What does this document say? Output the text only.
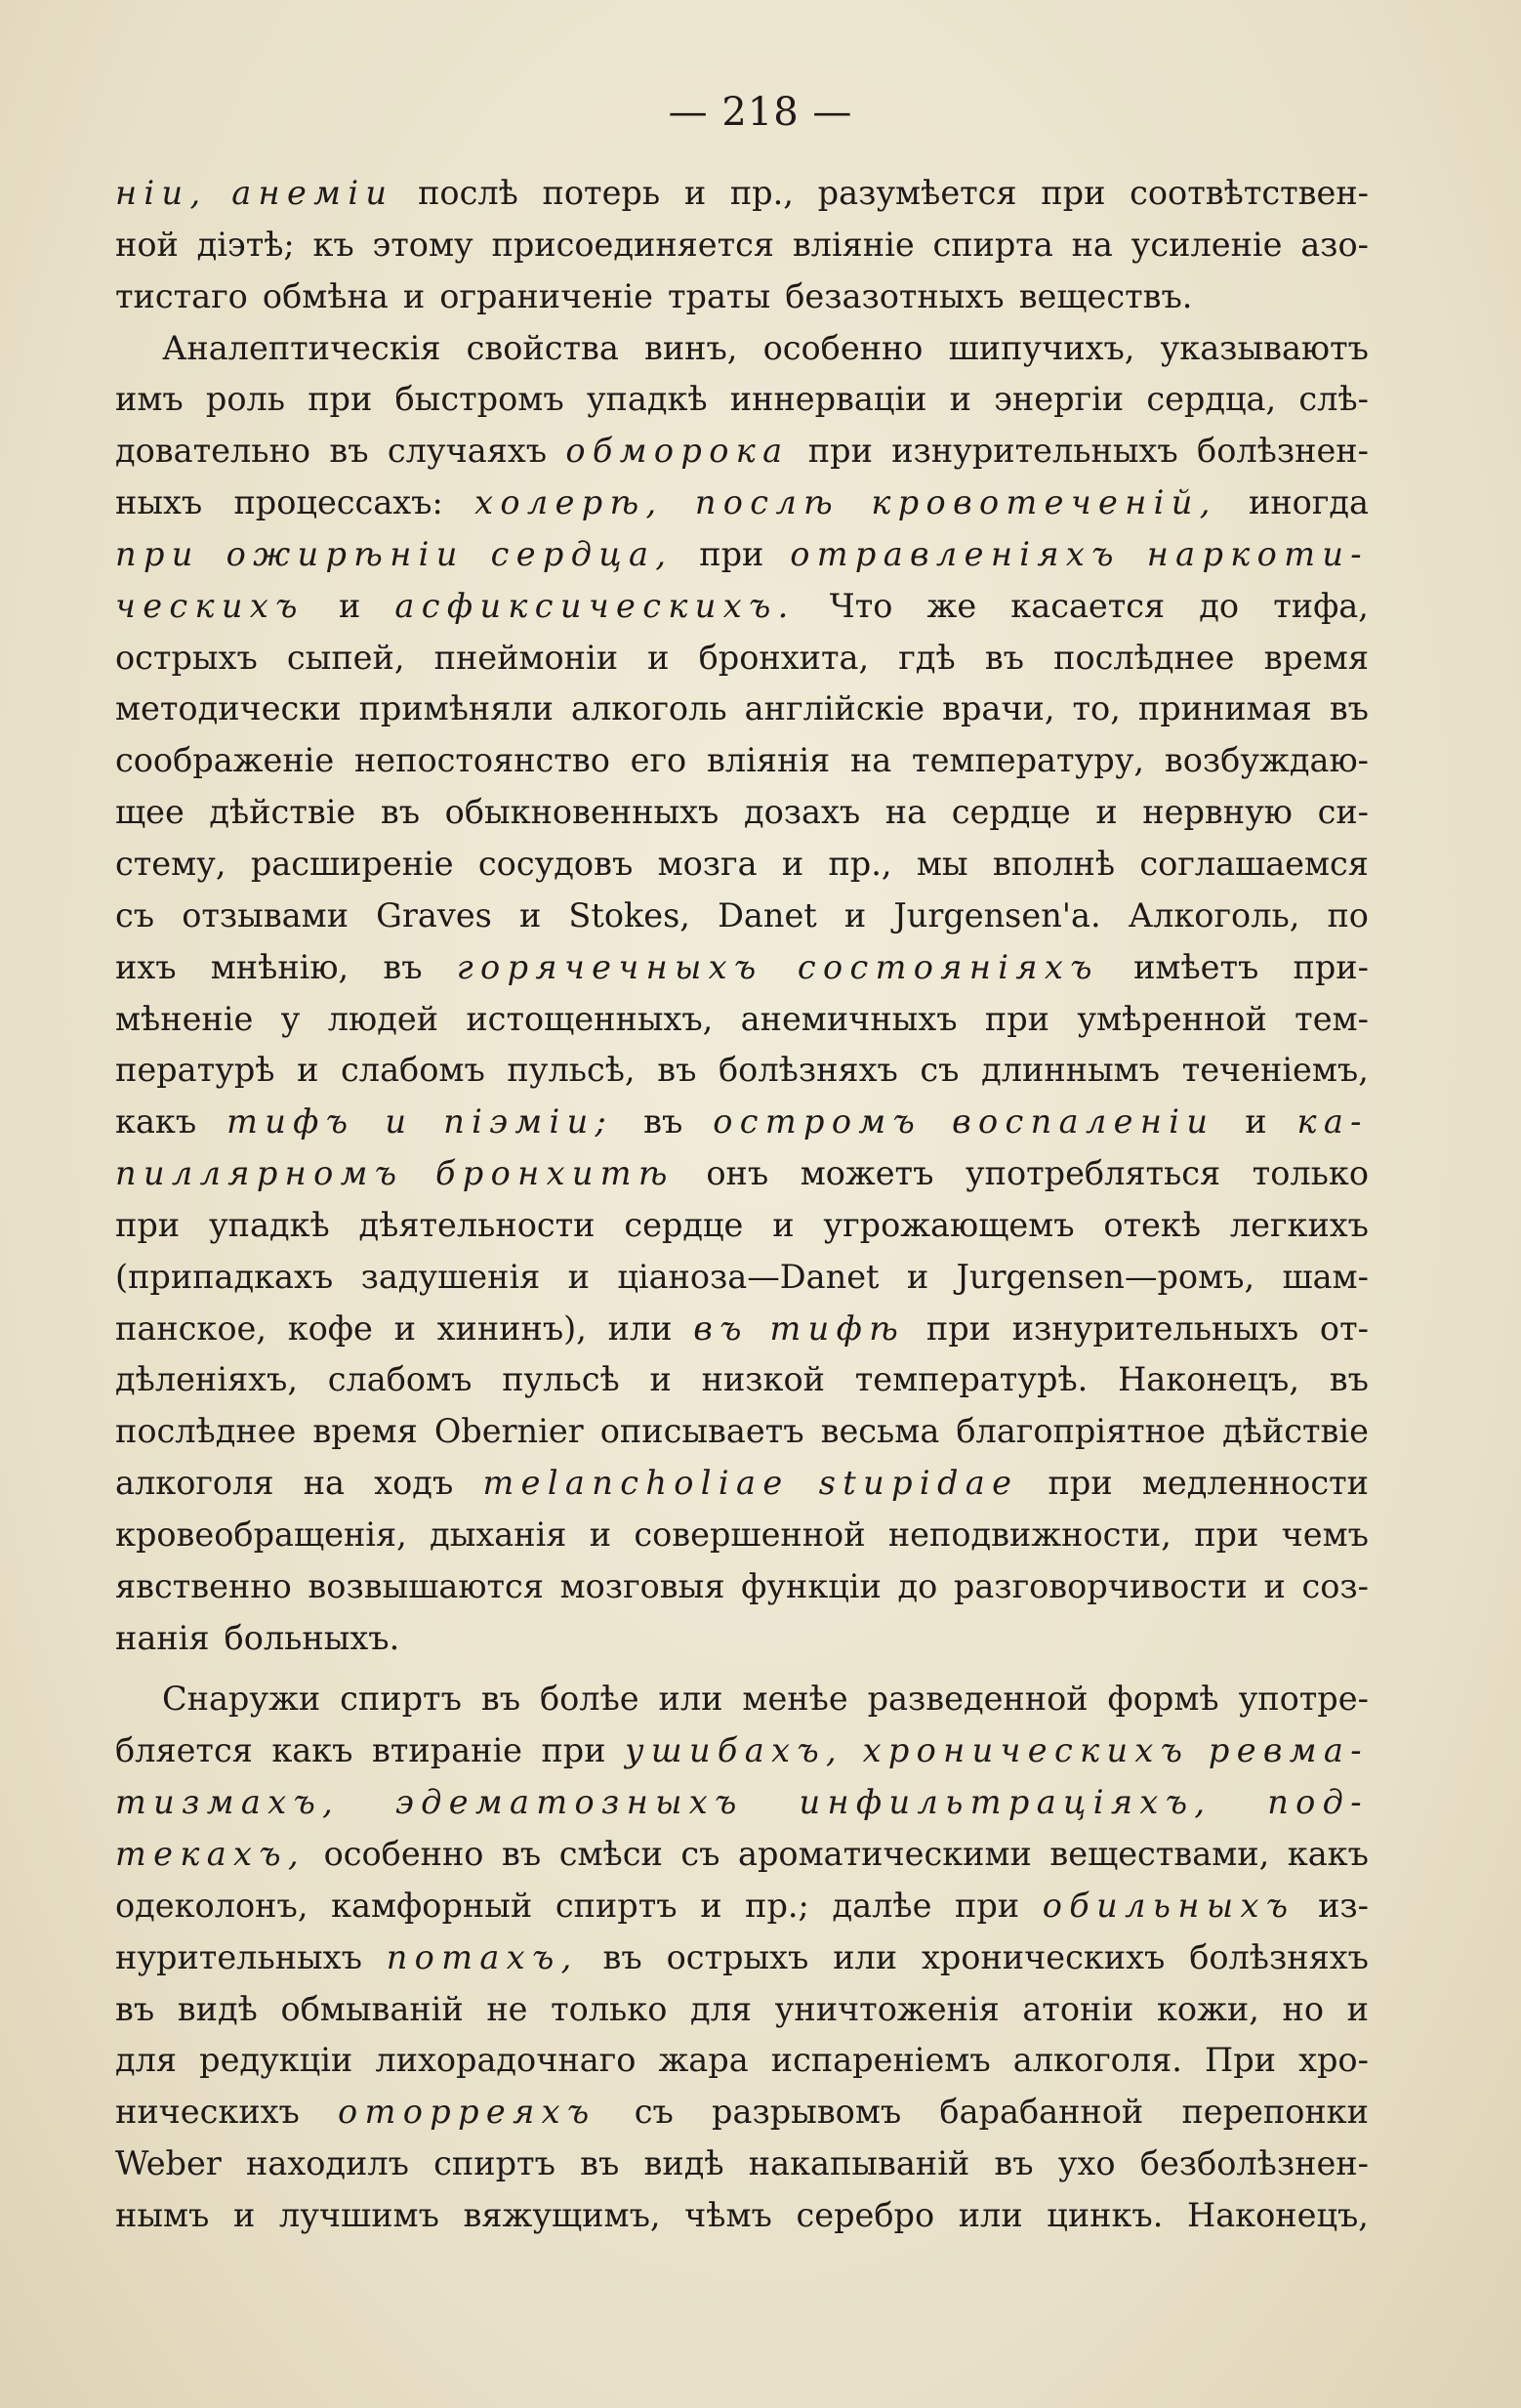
— 218 —
ніи, анеміи послѣ потерь и пр., разумѣется при соотвѣтствен-
ной діэтѣ; къ этому присоединяется вліяніе спирта на усиленіе азо-
тистаго обмѣна и ограниченіе траты безазотныхъ веществъ.
Аналептическія свойства винъ, особенно шипучихъ, указываютъ
имъ роль при быстромъ упадкѣ иннерваціи и энергіи сердца, слѣ-
довательно въ случаяхъ обморока при изнурительныхъ болѣзнен-
ныхъ процессахъ: холерѣ, послѣ кровотеченій, иногда
при ожирѣніи сердца, при отравленіяхъ наркоти-
ческихъ и асфиксическихъ. Что же касается до тифа,
острыхъ сыпей, пнеймоніи и бронхита, гдѣ въ послѣднее время
методически примѣняли алкоголь англійскіе врачи, то, принимая въ
соображеніе непостоянство его вліянія на температуру, возбуждаю-
щее дѣйствіе въ обыкновенныхъ дозахъ на сердце и нервную си-
стему, расширеніе сосудовъ мозга и пр., мы вполнѣ соглашаемся
съ отзывами Graves и Stokes, Danet и Jurgensen'a. Алкоголь, по
ихъ мнѣнію, въ горячечныхъ состояніяхъ имѣетъ при-
мѣненіе у людей истощенныхъ, анемичныхъ при умѣренной тем-
пературѣ и слабомъ пульсѣ, въ болѣзняхъ съ длиннымъ теченіемъ,
какъ тифъ и піэміи; въ остромъ воспаленіи и ка-
пиллярномъ бронхитѣ онъ можетъ употребляться только
при упадкѣ дѣятельности сердце и угрожающемъ отекѣ легкихъ
(припадкахъ задушенія и ціаноза—Danet и Jurgensen—ромъ, шам-
панское, кофе и хининъ), или въ тифѣ при изнурительныхъ от-
дѣленіяхъ, слабомъ пульсѣ и низкой температурѣ. Наконецъ, въ
послѣднее время Obernier описываетъ весьма благопріятное дѣйствіе
алкоголя на ходъ melancholiae stupidae при медленности
кровеобращенія, дыханія и совершенной неподвижности, при чемъ
явственно возвышаются мозговыя функціи до разговорчивости и соз-
нанія больныхъ.
Снаружи спиртъ въ болѣе или менѣе разведенной формѣ употре-
бляется какъ втираніе при ушибахъ, хроническихъ ревма-
тизмахъ, эдематозныхъ инфильтраціяхъ, под-
текахъ, особенно въ смѣси съ ароматическими веществами, какъ
одеколонъ, камфорный спиртъ и пр.; далѣе при обильныхъ из-
нурительныхъ потахъ, въ острыхъ или хроническихъ болѣзняхъ
въ видѣ обмываній не только для уничтоженія атоніи кожи, но и
для редукціи лихорадочнаго жара испареніемъ алкоголя. При хро-
ническихъ оторреяхъ съ разрывомъ барабанной перепонки
Weber находилъ спиртъ въ видѣ накапываній въ ухо безболѣзнен-
нымъ и лучшимъ вяжущимъ, чѣмъ серебро или цинкъ. Наконецъ,
